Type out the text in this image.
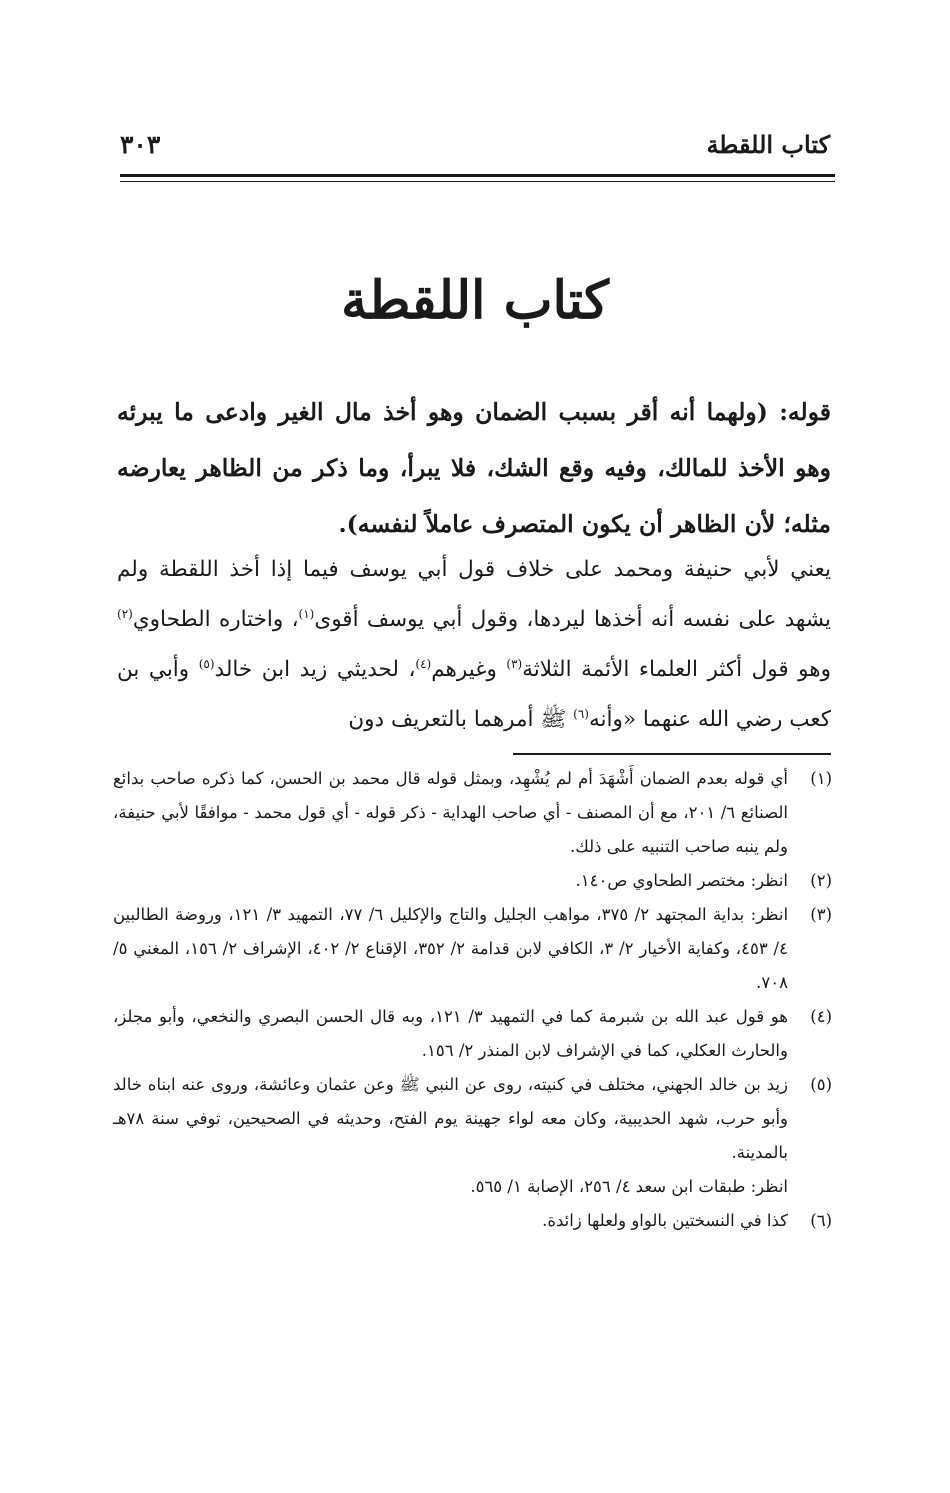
كتاب اللقطة
٣٠٣
كتاب اللقطة
قوله: (ولهما أنه أقر بسبب الضمان وهو أخذ مال الغير وادعى ما يبرئه وهو الأخذ للمالك، وفيه وقع الشك، فلا يبرأ، وما ذكر من الظاهر يعارضه مثله؛ لأن الظاهر أن يكون المتصرف عاملاً لنفسه).
يعني لأبي حنيفة ومحمد على خلاف قول أبي يوسف فيما إذا أخذ اللقطة ولم يشهد على نفسه أنه أخذها ليردها، وقول أبي يوسف أقوى$^{(١)}$، واختاره الطحاوي$^{(٢)}$ وهو قول أكثر العلماء الأئمة الثلاثة$^{(٣)}$ وغيرهم$^{(٤)}$، لحديثي زيد ابن خالد$^{(٥)}$ وأبي بن كعب رضي الله عنهما «وأنه$^{(٦)}$ ﷺ أمرهما بالتعريف دون
(١)
أي قوله بعدم الضمان أَشْهَدَ أم لم يُشْهِد، وبمثل قوله قال محمد بن الحسن، كما ذكره صاحب بدائع الصنائع ٦/ ٢٠١، مع أن المصنف - أي صاحب الهداية - ذكر قوله - أي قول محمد - موافقًا لأبي حنيفة، ولم ينبه صاحب التنبيه على ذلك.
(٢)
انظر: مختصر الطحاوي ص١٤٠.
(٣)
انظر: بداية المجتهد ٢/ ٣٧٥، مواهب الجليل والتاج والإكليل ٦/ ٧٧، التمهيد ٣/ ١٢١، وروضة الطالبين ٤/ ٤٥٣، وكفاية الأخيار ٢/ ٣، الكافي لابن قدامة ٢/ ٣٥٢، الإقناع ٢/ ٤٠٢، الإشراف ٢/ ١٥٦، المغني ٥/ ٧٠٨.
(٤)
هو قول عبد الله بن شبرمة كما في التمهيد ٣/ ١٢١، وبه قال الحسن البصري والنخعي، وأبو مجلز، والحارث العكلي، كما في الإشراف لابن المنذر ٢/ ١٥٦.
(٥)
زيد بن خالد الجهني، مختلف في كنيته، روى عن النبي ﷺ وعن عثمان وعائشة، وروى عنه ابناه خالد وأبو حرب، شهد الحديبية، وكان معه لواء جهينة يوم الفتح، وحديثه في الصحيحين، توفي سنة ٧٨هـ بالمدينة.
انظر: طبقات ابن سعد ٤/ ٢٥٦، الإصابة ١/ ٥٦٥.
(٦)
كذا في النسختين بالواو ولعلها زائدة.
